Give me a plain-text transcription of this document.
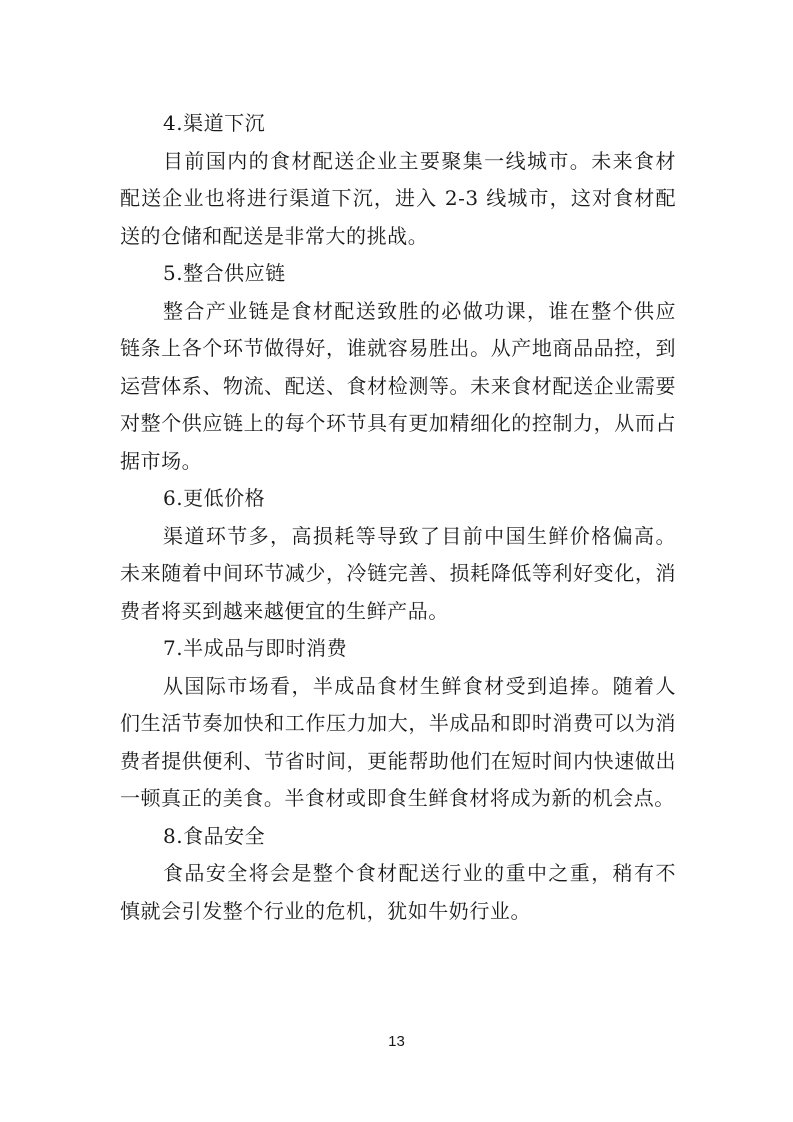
4.渠道下沉

目前国内的食材配送企业主要聚集一线城市。未来食材配送企业也将进行渠道下沉，进入 2-3 线城市，这对食材配送的仓储和配送是非常大的挑战。

5.整合供应链

整合产业链是食材配送致胜的必做功课，谁在整个供应链条上各个环节做得好，谁就容易胜出。从产地商品品控，到运营体系、物流、配送、食材检测等。未来食材配送企业需要对整个供应链上的每个环节具有更加精细化的控制力，从而占据市场。

6.更低价格

渠道环节多，高损耗等导致了目前中国生鲜价格偏高。未来随着中间环节减少，冷链完善、损耗降低等利好变化，消费者将买到越来越便宜的生鲜产品。

7.半成品与即时消费

从国际市场看，半成品食材生鲜食材受到追捧。随着人们生活节奏加快和工作压力加大，半成品和即时消费可以为消费者提供便利、节省时间，更能帮助他们在短时间内快速做出一顿真正的美食。半食材或即食生鲜食材将成为新的机会点。

8.食品安全

食品安全将会是整个食材配送行业的重中之重，稍有不慎就会引发整个行业的危机，犹如牛奶行业。

13
